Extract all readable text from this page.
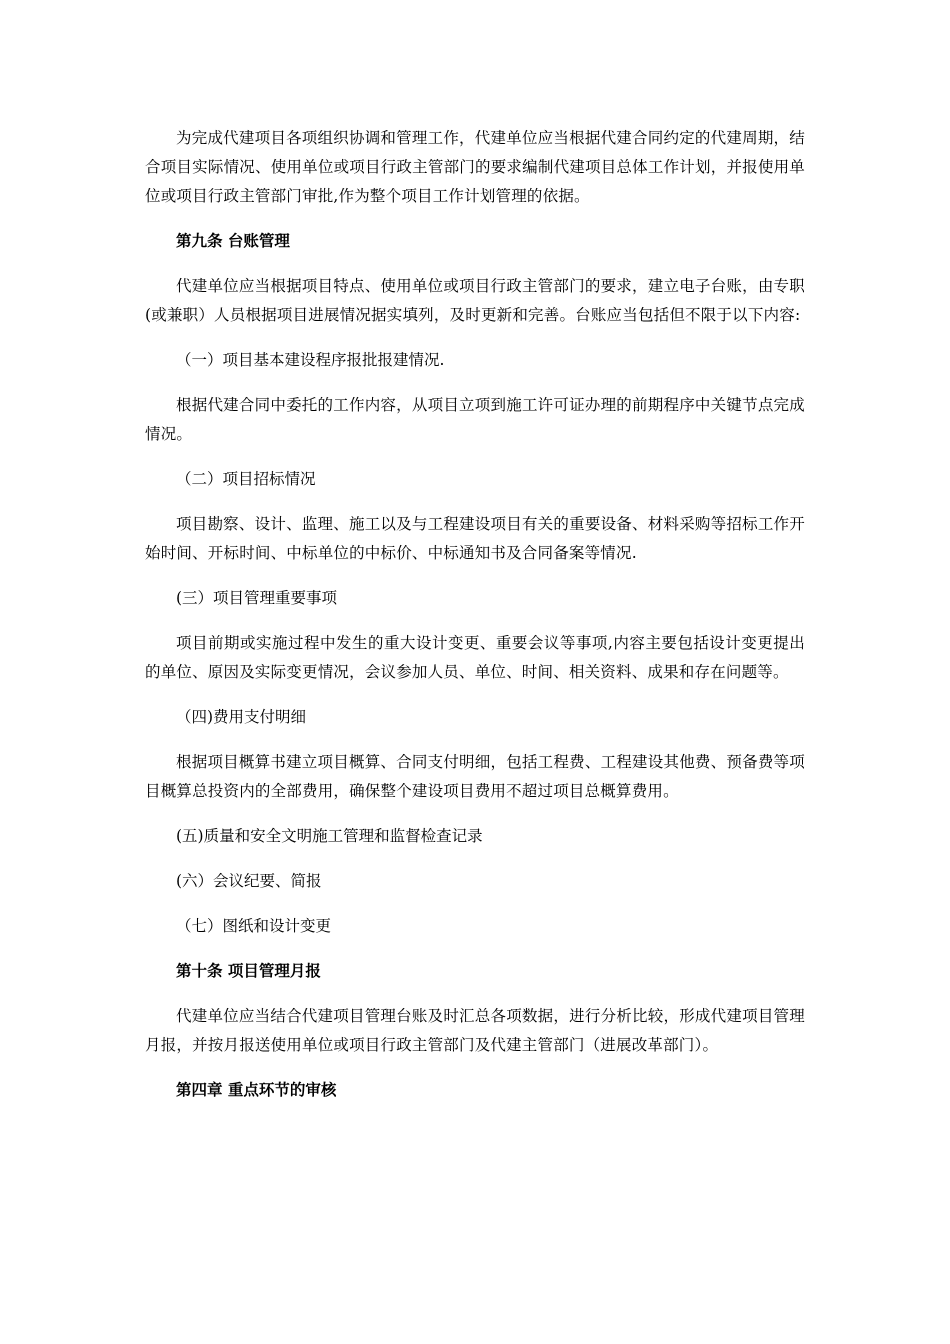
为完成代建项目各项组织协调和管理工作，代建单位应当根据代建合同约定的代建周期，结合项目实际情况、使用单位或项目行政主管部门的要求编制代建项目总体工作计划，并报使用单位或项目行政主管部门审批,作为整个项目工作计划管理的依据。

第九条 台账管理

代建单位应当根据项目特点、使用单位或项目行政主管部门的要求，建立电子台账，由专职(或兼职）人员根据项目进展情况据实填列，及时更新和完善。台账应当包括但不限于以下内容:

（一）项目基本建设程序报批报建情况.

根据代建合同中委托的工作内容，从项目立项到施工许可证办理的前期程序中关键节点完成情况。

（二）项目招标情况

项目勘察、设计、监理、施工以及与工程建设项目有关的重要设备、材料采购等招标工作开始时间、开标时间、中标单位的中标价、中标通知书及合同备案等情况.

(三）项目管理重要事项

项目前期或实施过程中发生的重大设计变更、重要会议等事项,内容主要包括设计变更提出的单位、原因及实际变更情况，会议参加人员、单位、时间、相关资料、成果和存在问题等。

（四)费用支付明细

根据项目概算书建立项目概算、合同支付明细，包括工程费、工程建设其他费、预备费等项目概算总投资内的全部费用，确保整个建设项目费用不超过项目总概算费用。

(五)质量和安全文明施工管理和监督检查记录

(六）会议纪要、简报

（七）图纸和设计变更

第十条 项目管理月报

代建单位应当结合代建项目管理台账及时汇总各项数据，进行分析比较，形成代建项目管理月报，并按月报送使用单位或项目行政主管部门及代建主管部门（进展改革部门）。

第四章 重点环节的审核
